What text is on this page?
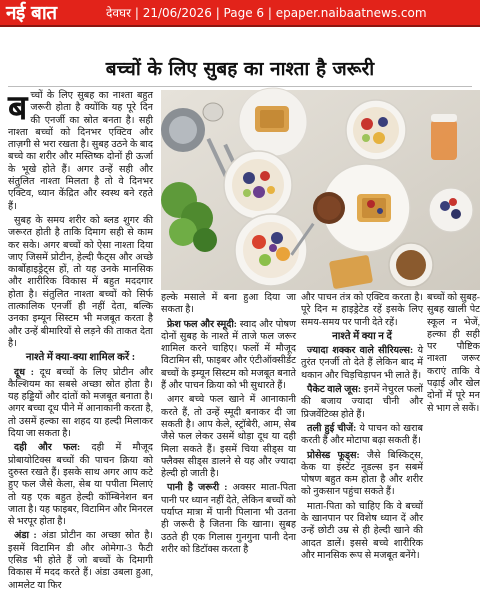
नई बात	देवघर | 21/06/2026 | Page 6 | epaper.naibaatnews.com
बच्चों के लिए सुबह का नाश्ता है जरूरी
ब च्चों के लिए सुबह का नाश्ता बहुत जरूरी होता है क्योंकि यह पूरे दिन की एनर्जी का स्रोत बनता है। सही नाश्ता बच्चों को दिनभर एक्टिव और ताज़गी से भरा रखता है। सुबह उठने के बाद बच्चे का शरीर और मस्तिष्क दोनों ही ऊर्जा के भूखे होते हैं। अगर उन्हें सही और संतुलित नाश्ता मिलता है तो वे दिनभर एक्टिव, ध्यान केंद्रित और स्वस्थ बने रहते हैं।

सुबह के समय शरीर को ब्लड शुगर की जरूरत होती है ताकि दिमाग सही से काम कर सके। अगर बच्चों को ऐसा नाश्ता दिया जाए जिसमें प्रोटीन, हेल्दी फैट्स और अच्छे कार्बोहाइड्रेट्स हों, तो यह उनके मानसिक और शारीरिक विकास में बहुत मददगार होता है। संतुलित नाश्ता बच्चों को सिर्फ तात्कालिक एनर्जी ही नहीं देता, बल्कि उनका इम्यून सिस्टम भी मजबूत करता है और उन्हें बीमारियों से लड़ने की ताकत देता है।

नाश्ते में क्या-क्या शामिल करें :

दूध : दूध बच्चों के लिए प्रोटीन और कैल्शियम का सबसे अच्छा स्रोत होता है। यह हड्डियों और दांतों को मजबूत बनाता है। अगर बच्चा दूध पीने में आनाकानी करता है, तो उसमें हल्का सा शहद या हल्दी मिलाकर दिया जा सकता है।

दही और फल: दही में मौजूद प्रोबायोटिक्स बच्चों की पाचन क्रिया को दुरुस्त रखते हैं। इसके साथ अगर आप कटे हुए फल जैसे केला, सेब या पपीता मिलाएं तो यह एक बहुत हेल्दी कॉम्बिनेशन बन जाता है। यह फाइबर, विटामिन और मिनरल से भरपूर होता है।

अंडा : अंडा प्रोटीन का अच्छा स्रोत है। इसमें विटामिन डी और ओमेगा-3 फैटी एसिड भी होते हैं जो बच्चों के दिमागी विकास में मदद करते हैं। अंडा उबला हुआ, आमलेट या फिर

हल्के मसाले में बना हुआ दिया जा सकता है।

फ्रेश फल और स्मूदी: स्वाद और पोषण दोनों सुबह के नाश्ते में ताजे फल जरूर शामिल करने चाहिए। फलों में मौजूद विटामिन सी, फाइबर और एंटीऑक्सीडेंट बच्चों के इम्यून सिस्टम को मजबूत बनाते हैं और पाचन क्रिया को भी सुधारते हैं।

अगर बच्चे फल खाने में आनाकानी करते हैं, तो उन्हें स्मूदी बनाकर दी जा सकती है। आप केले, स्ट्रॉबेरी, आम, सेब जैसे फल लेकर उसमें थोड़ा दूध या दही मिला सकते हैं। इसमें चिया सीड्स या फ्लैक्स सीड्स डालने से यह और ज्यादा हेल्दी हो जाती है।

पानी है जरूरी : अक्सर माता-पिता पानी पर ध्यान नहीं देते, लेकिन बच्चों को पर्याप्त मात्रा में पानी पिलाना भी उतना ही जरूरी है जितना कि खाना। सुबह उठते ही एक गिलास गुनगुना पानी देना शरीर को डिटॉक्स करता है

और पाचन तंत्र को एक्टिव करता है। पूरे दिन म हाइड्रेटेड रहें इसके लिए समय-समय पर पानी देते रहें।

नाश्ते में क्या न दें

ज्यादा शक्कर वाले सीरियल्स: ये तुरंत एनर्जी तो देते हैं लेकिन बाद में थकान और चिड़चिड़ापन भी लाते हैं।

पैकेट वाले जूस: इनमें नेचुरल फलों की बजाय ज्यादा चीनी और प्रिजर्वेटिव्स होते हैं।

तली हुई चीजें: ये पाचन को खराब करती हैं और मोटापा बढ़ा सकती हैं।

प्रोसेस्ड फूड्स: जैसे बिस्किट्स, केक या इंस्टेंट नूडल्स इन सबमें पोषण बहुत कम होता है और शरीर को नुकसान पहुंचा सकते हैं।

माता-पिता को चाहिए कि वे बच्चों के खानपान पर विशेष ध्यान दें और उन्हें छोटी उम्र से ही हेल्दी खाने की आदत डालें। इससे बच्चे शारीरिक और मानसिक रूप से मजबूत बनेंगे।

बच्चों को सुबह-सुबह खाली पेट स्कूल न भेजें, हल्का ही सही पर पौष्टिक नाश्ता जरूर कराएं ताकि वे पढ़ाई और खेल दोनों में पूरे मन से भाग ले सकें।
